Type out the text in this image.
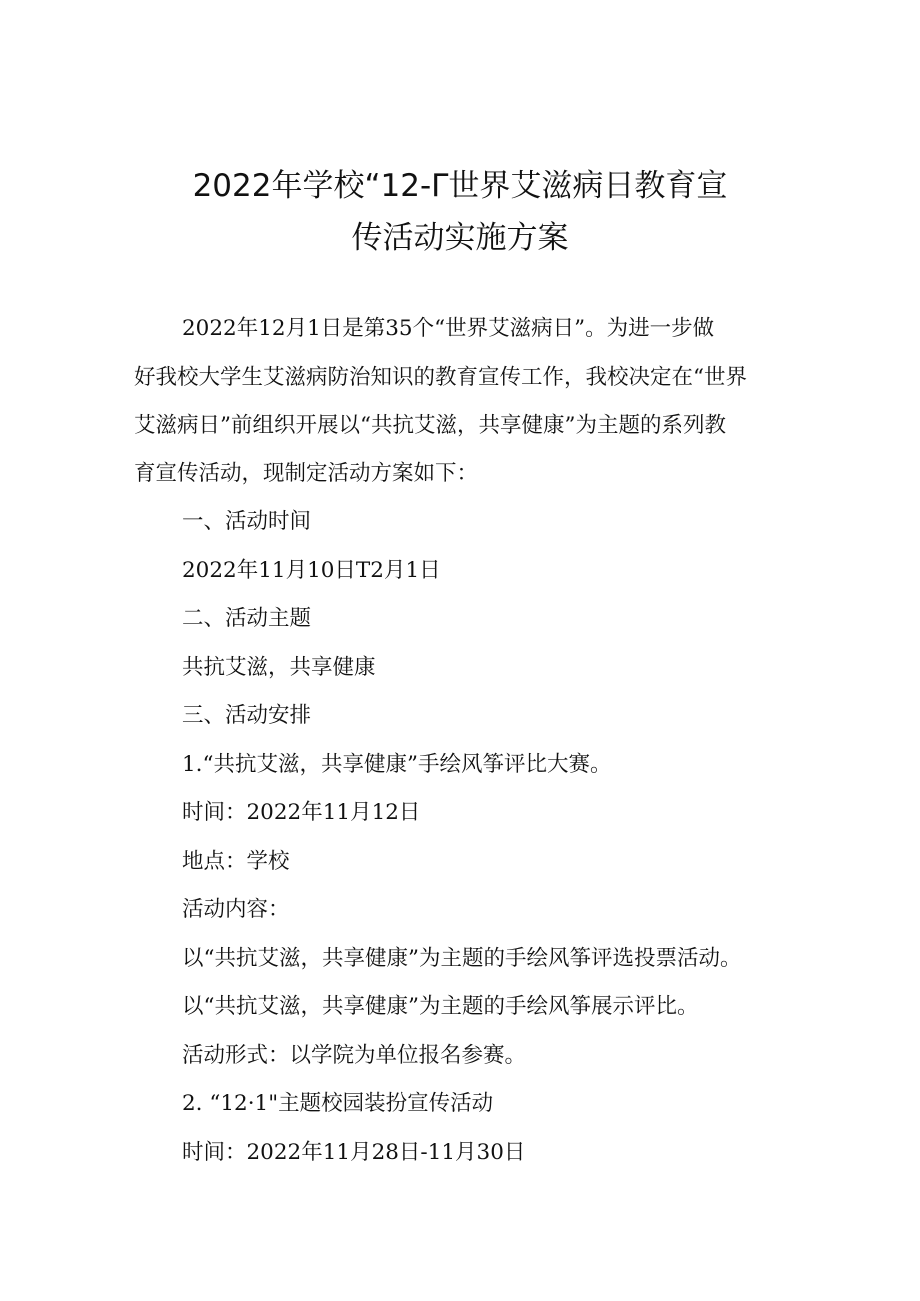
2022年学校“12-Γ世界艾滋病日教育宣
传活动实施方案
2022年12月1日是第35个“世界艾滋病日”。为进一步做
好我校大学生艾滋病防治知识的教育宣传工作，我校决定在“世界
艾滋病日”前组织开展以“共抗艾滋，共享健康”为主题的系列教
育宣传活动，现制定活动方案如下：
一、活动时间
2022年11月10日T2月1日
二、活动主题
共抗艾滋，共享健康
三、活动安排
1.“共抗艾滋，共享健康”手绘风筝评比大赛。
时间：2022年11月12日
地点：学校
活动内容：
以“共抗艾滋，共享健康”为主题的手绘风筝评选投票活动。
以“共抗艾滋，共享健康”为主题的手绘风筝展示评比。
活动形式：以学院为单位报名参赛。
2. “12·1"主题校园装扮宣传活动
时间：2022年11月28日-11月30日
